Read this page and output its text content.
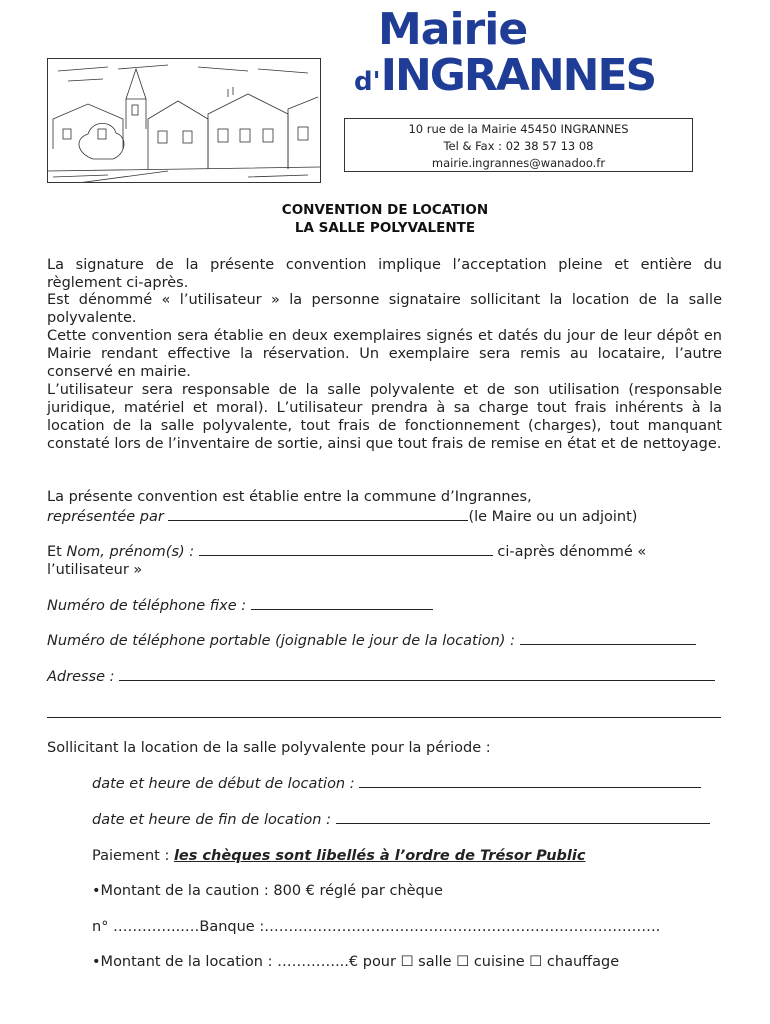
Mairie
d'INGRANNES
10 rue de la Mairie 45450 INGRANNES
Tel & Fax : 02 38 57 13 08
mairie.ingrannes@wanadoo.fr
CONVENTION DE LOCATION
LA SALLE POLYVALENTE
La signature de la présente convention implique l’acceptation pleine et entière du règlement ci-après.
Est dénommé « l’utilisateur » la personne signataire sollicitant la location de la salle polyvalente.
Cette convention sera établie en deux exemplaires signés et datés du jour de leur dépôt en Mairie rendant effective la réservation. Un exemplaire sera remis au locataire, l’autre conservé en mairie.
L’utilisateur sera responsable de la salle polyvalente et de son utilisation (responsable juridique, matériel et moral). L’utilisateur prendra à sa charge tout frais inhérents à la location de la salle polyvalente, tout frais de fonctionnement (charges), tout manquant constaté lors de l’inventaire de sortie, ainsi que tout frais de remise en état et de nettoyage.
La présente convention est établie entre la commune d’Ingrannes,
représentée par	(le Maire ou un adjoint)
Et Nom, prénom(s) :	ci-après dénommé «
l’utilisateur »
Numéro de téléphone fixe :
Numéro de téléphone portable (joignable le jour de la location) :
Adresse :
Sollicitant la location de la salle polyvalente pour la période :
date et heure de début de location :
date et heure de fin de location :
Paiement : les chèques sont libellés à l’ordre de Trésor Public
•Montant de la caution : 800 € réglé par chèque
n° …………...…Banque :……………………………………………………………………….
•Montant de la location : …………...€ pour ☐ salle ☐ cuisine ☐ chauffage
